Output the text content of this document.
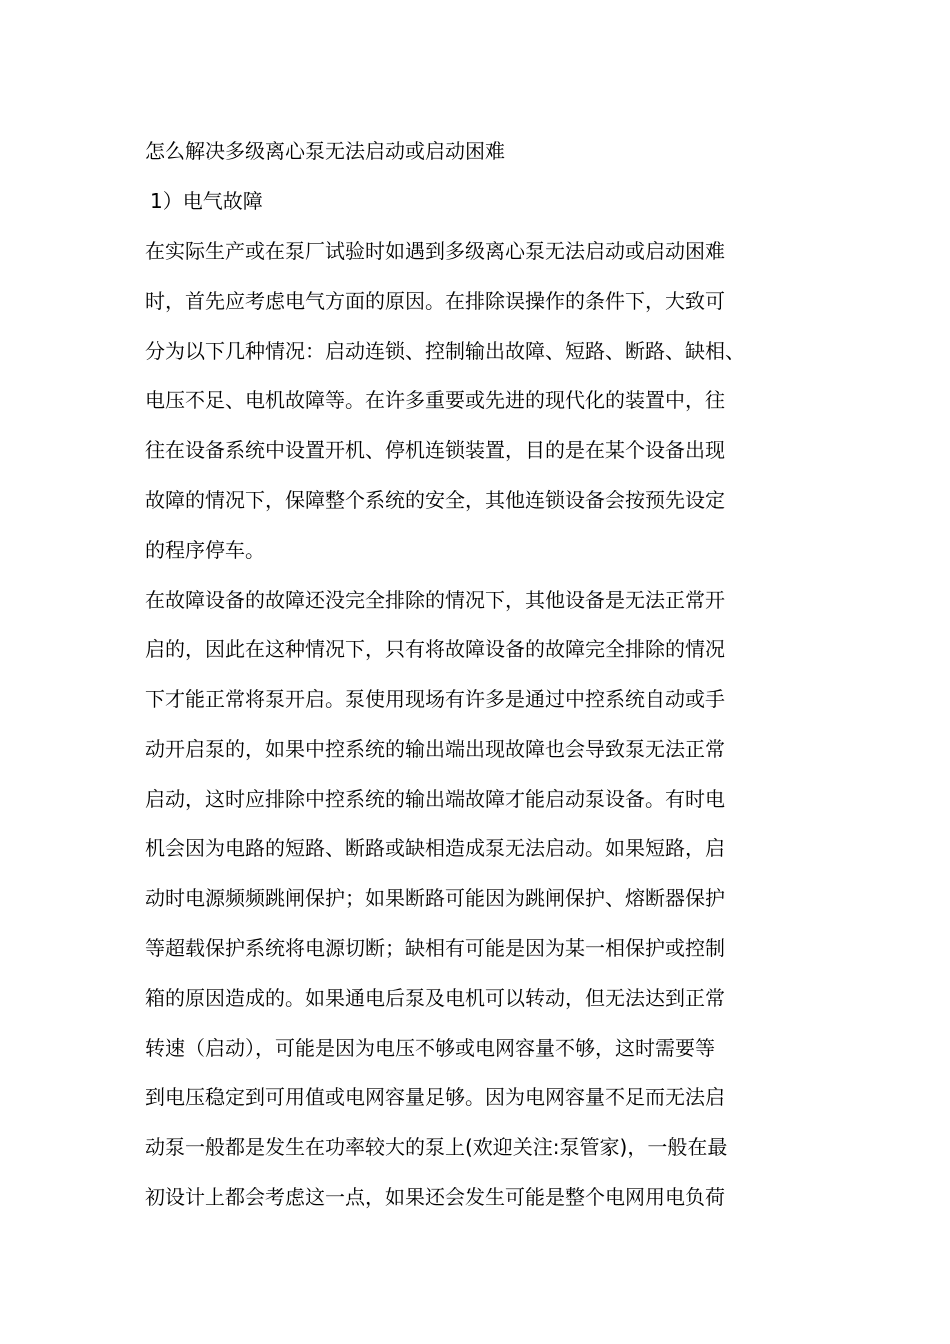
怎么解决多级离心泵无法启动或启动困难
1）电气故障
在实际生产或在泵厂试验时如遇到多级离心泵无法启动或启动困难
时，首先应考虑电气方面的原因。在排除误操作的条件下，大致可
分为以下几种情况：启动连锁、控制输出故障、短路、断路、缺相、
电压不足、电机故障等。在许多重要或先进的现代化的装置中，往
往在设备系统中设置开机、停机连锁装置，目的是在某个设备出现
故障的情况下，保障整个系统的安全，其他连锁设备会按预先设定
的程序停车。
在故障设备的故障还没完全排除的情况下，其他设备是无法正常开
启的，因此在这种情况下，只有将故障设备的故障完全排除的情况
下才能正常将泵开启。泵使用现场有许多是通过中控系统自动或手
动开启泵的，如果中控系统的输出端出现故障也会导致泵无法正常
启动，这时应排除中控系统的输出端故障才能启动泵设备。有时电
机会因为电路的短路、断路或缺相造成泵无法启动。如果短路，启
动时电源频频跳闸保护；如果断路可能因为跳闸保护、熔断器保护
等超载保护系统将电源切断；缺相有可能是因为某一相保护或控制
箱的原因造成的。如果通电后泵及电机可以转动，但无法达到正常
转速（启动），可能是因为电压不够或电网容量不够，这时需要等
到电压稳定到可用值或电网容量足够。因为电网容量不足而无法启
动泵一般都是发生在功率较大的泵上(欢迎关注:泵管家)，一般在最
初设计上都会考虑这一点，如果还会发生可能是整个电网用电负荷
